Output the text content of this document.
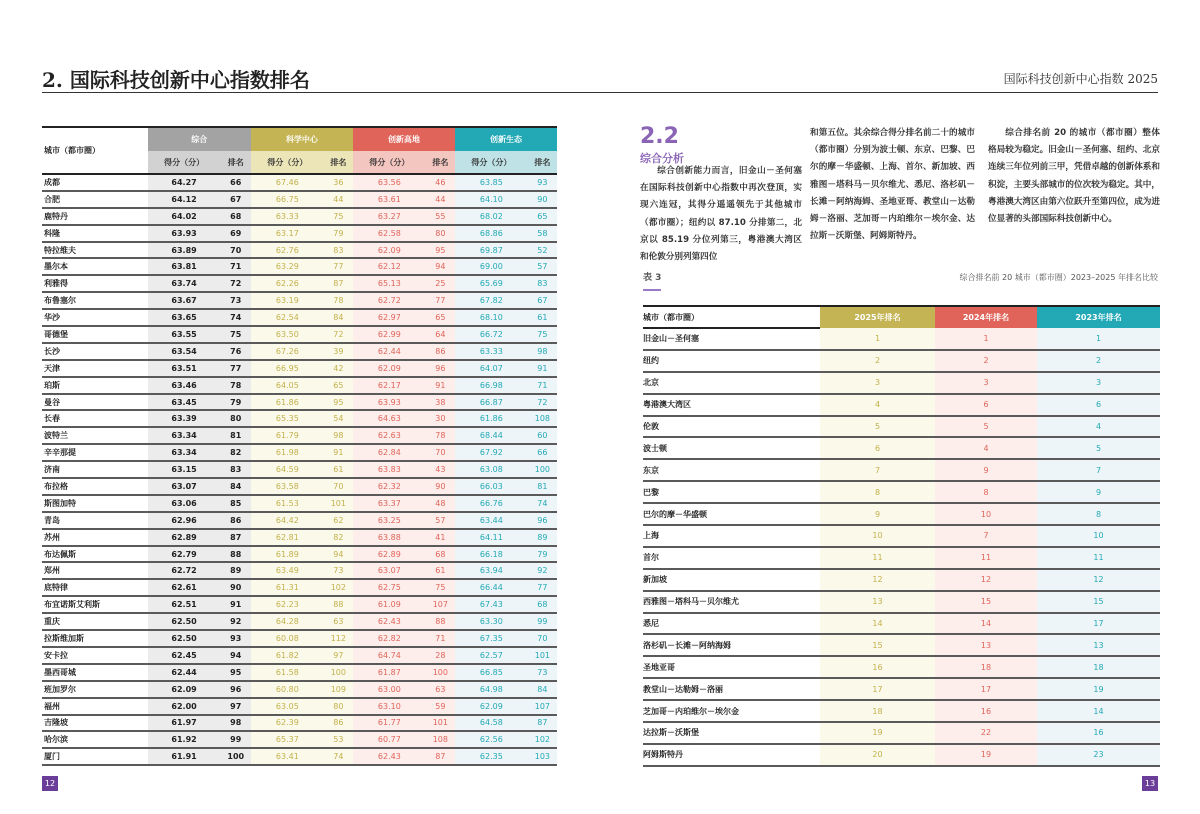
2. 国际科技创新中心指数排名	国际科技创新中心指数 2025
城市（都市圈）	综合		科学中心		创新高地		创新生态	
	得分（分）	排名	得分（分）	排名	得分（分）	排名	得分（分）	排名
成都	64.27	66	67.46	36	63.56	46	63.85	93
合肥	64.12	67	66.75	44	63.61	44	64.10	90
鹿特丹	64.02	68	63.33	75	63.27	55	68.02	65
科隆	63.93	69	63.17	79	62.58	80	68.86	58
特拉维夫	63.89	70	62.76	83	62.09	95	69.87	52
墨尔本	63.81	71	63.29	77	62.12	94	69.00	57
利雅得	63.74	72	62.26	87	65.13	25	65.69	83
布鲁塞尔	63.67	73	63.19	78	62.72	77	67.82	67
华沙	63.65	74	62.54	84	62.97	65	68.10	61
哥德堡	63.55	75	63.50	72	62.99	64	66.72	75
长沙	63.54	76	67.26	39	62.44	86	63.33	98
天津	63.51	77	66.95	42	62.09	96	64.07	91
珀斯	63.46	78	64.05	65	62.17	91	66.98	71
曼谷	63.45	79	61.86	95	63.93	38	66.87	72
长春	63.39	80	65.35	54	64.63	30	61.86	108
波特兰	63.34	81	61.79	98	62.63	78	68.44	60
辛辛那提	63.34	82	61.98	91	62.84	70	67.92	66
济南	63.15	83	64.59	61	63.83	43	63.08	100
布拉格	63.07	84	63.58	70	62.32	90	66.03	81
斯图加特	63.06	85	61.53	101	63.37	48	66.76	74
青岛	62.96	86	64.42	62	63.25	57	63.44	96
苏州	62.89	87	62.81	82	63.88	41	64.11	89
布达佩斯	62.79	88	61.89	94	62.89	68	66.18	79
郑州	62.72	89	63.49	73	63.07	61	63.94	92
底特律	62.61	90	61.31	102	62.75	75	66.44	77
布宜诺斯艾利斯	62.51	91	62.23	88	61.09	107	67.43	68
重庆	62.50	92	64.28	63	62.43	88	63.30	99
拉斯维加斯	62.50	93	60.08	112	62.82	71	67.35	70
安卡拉	62.45	94	61.82	97	64.74	28	62.57	101
墨西哥城	62.44	95	61.58	100	61.87	100	66.85	73
班加罗尔	62.09	96	60.80	109	63.00	63	64.98	84
福州	62.00	97	63.05	80	63.10	59	62.09	107
吉隆坡	61.97	98	62.39	86	61.77	101	64.58	87
哈尔滨	61.92	99	65.37	53	60.77	108	62.56	102
厦门	61.91	100	63.41	74	62.43	87	62.35	103
2.2
综合分析

综合创新能力而言，旧金山－圣何塞在国际科技创新中心指数中再次登顶，实现六连冠，其得分遥遥领先于其他城市（都市圈）；纽约以 87.10 分排第二，北京以 85.19 分位列第三，粤港澳大湾区和伦敦分别列第四位

和第五位。其余综合得分排名前二十的城市（都市圈）分别为波士顿、东京、巴黎、巴尔的摩－华盛顿、上海、首尔、新加坡、西雅图－塔科马－贝尔维尤、悉尼、洛杉矶－长滩－阿纳海姆、圣地亚哥、教堂山－达勒姆－洛丽、芝加哥－内珀维尔－埃尔金、达拉斯－沃斯堡、阿姆斯特丹。

综合排名前 20 的城市（都市圈）整体格局较为稳定。旧金山－圣何塞、纽约、北京连续三年位列前三甲，凭借卓越的创新体系和积淀，主要头部城市的位次较为稳定。其中，粤港澳大湾区由第六位跃升至第四位，成为进位显著的头部国际科技创新中心。

表 3	综合排名前 20 城市（都市圈）2023–2025 年排名比较
城市（都市圈）	2025年排名	2024年排名	2023年排名
旧金山－圣何塞	1	1	1
纽约	2	2	2
北京	3	3	3
粤港澳大湾区	4	6	6
伦敦	5	5	4
波士顿	6	4	5
东京	7	9	7
巴黎	8	8	9
巴尔的摩－华盛顿	9	10	8
上海	10	7	10
首尔	11	11	11
新加坡	12	12	12
西雅图－塔科马－贝尔维尤	13	15	15
悉尼	14	14	17
洛杉矶－长滩－阿纳海姆	15	13	13
圣地亚哥	16	18	18
教堂山－达勒姆－洛丽	17	17	19
芝加哥－内珀维尔－埃尔金	18	16	14
达拉斯－沃斯堡	19	22	16
阿姆斯特丹	20	19	23
12	13
